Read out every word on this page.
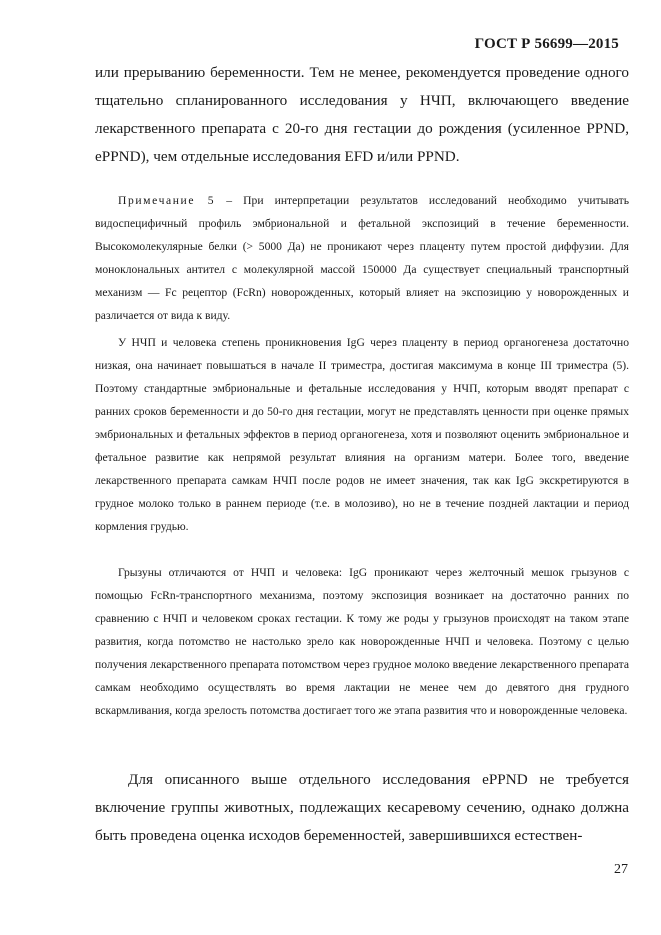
ГОСТ Р 56699—2015

или прерыванию беременности. Тем не менее, рекомендуется проведение одного тщательно спланированного исследования у НЧП, включающего введение лекарственного препарата с 20-го дня гестации до рождения (усиленное PPND, ePPND), чем отдельные исследования EFD и/или PPND.

Примечание 5 – При интерпретации результатов исследований необходимо учитывать видоспецифичный профиль эмбриональной и фетальной экспозиций в течение беременности. Высокомолекулярные белки (> 5000 Да) не проникают через плаценту путем простой диффузии. Для моноклональных антител с молекулярной массой 150000 Да существует специальный транспортный механизм — Fc рецептор (FcRn) новорожденных, который влияет на экспозицию у новорожденных и различается от вида к виду.

У НЧП и человека степень проникновения IgG через плаценту в период органогенеза достаточно низкая, она начинает повышаться в начале II триместра, достигая максимума в конце III триместра (5). Поэтому стандартные эмбриональные и фетальные исследования у НЧП, которым вводят препарат с ранних сроков беременности и до 50-го дня гестации, могут не представлять ценности при оценке прямых эмбриональных и фетальных эффектов в период органогенеза, хотя и позволяют оценить эмбриональное и фетальное развитие как непрямой результат влияния на организм матери. Более того, введение лекарственного препарата самкам НЧП после родов не имеет значения, так как IgG экскретируются в грудное молоко только в раннем периоде (т.е. в молозиво), но не в течение поздней лактации и период кормления грудью.

Грызуны отличаются от НЧП и человека: IgG проникают через желточный мешок грызунов с помощью FcRn-транспортного механизма, поэтому экспозиция возникает на достаточно ранних по сравнению с НЧП и человеком сроках гестации. К тому же роды у грызунов происходят на таком этапе развития, когда потомство не настолько зрело как новорожденные НЧП и человека. Поэтому с целью получения лекарственного препарата потомством через грудное молоко введение лекарственного препарата самкам необходимо осуществлять во время лактации не менее чем до девятого дня грудного вскармливания, когда зрелость потомства достигает того же этапа развития что и новорожденные человека.

Для описанного выше отдельного исследования ePPND не требуется включение группы животных, подлежащих кесаревому сечению, однако должна быть проведена оценка исходов беременностей, завершившихся естествен-

27
